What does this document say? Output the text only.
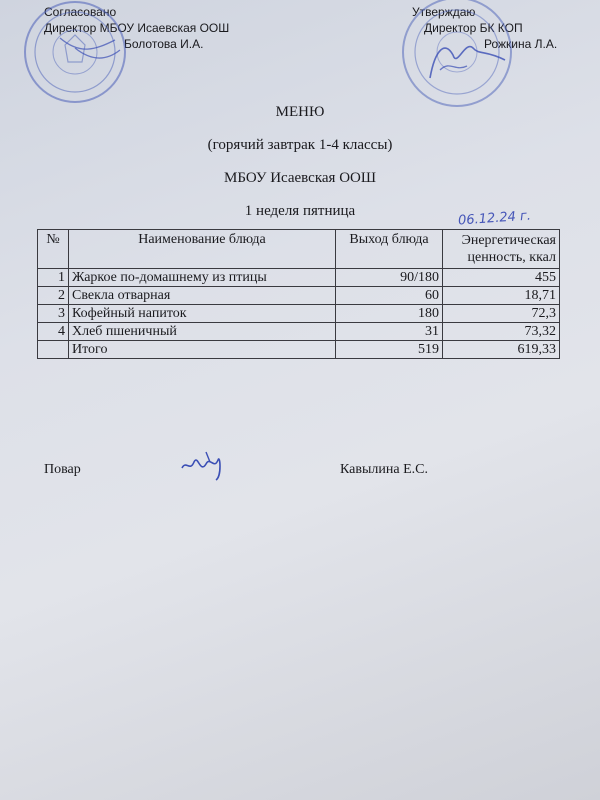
Согласовано
Директор МБОУ Исаевская ООШ
Болотова И.А.
Утверждаю
Директор БК КОП
Рожкина Л.А.
МЕНЮ
(горячий завтрак 1-4 классы)
МБОУ Исаевская ООШ
1 неделя пятница	06.12.24 г.
№	Наименование блюда	Выход блюда	Энергетическая
ценность, ккал

1	Жаркое по-домашнему из птицы	90/180	455
2	Свекла отварная	60	18,71
3	Кофейный напиток	180	72,3
4	Хлеб пшеничный	31	73,32
	Итого	519	619,33
Повар	Кавылина Е.С.
